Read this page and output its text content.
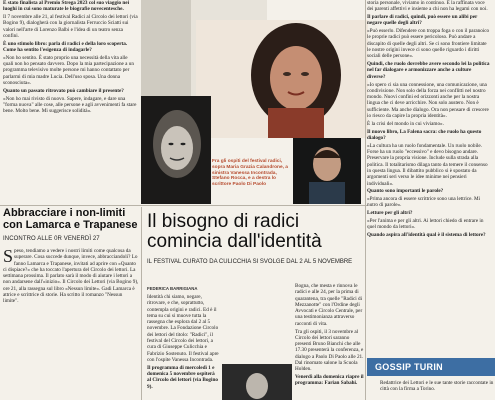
È stato finalista al Premio Strega 2023 col suo viaggio nei luoghi in cui sono maturate le biografie novecentesche.

Il 7 novembre alle 21, al festival Radici al Circolo dei lettori (via Bogino 9), dialogherà con la giornalista Ferruccio Sciatti sui valori nell'arte di Lorenzo Balbi e l'idea di un teatro senza confini.

È uno stimolo libro: parla di radici e della loro scoperta. Come ha sentito l'esigenza di indagarle?

«Non ho sentito. È stato proprio una necessità della vita alle quali non ho pensato davvero. Dopo la mia partecipazione a un programma televisivo molte persone mi hanno contattato per parlarmi di mia madre Lucia. Dell'uso sposa. Una donna sconosciuta».

Quanto un passato ritrovato può cambiare il presente?

«Non ho mai rivisto di nuovo. Sapere, indagare, e dare una "forma nuova" alle cose, alle persone e agli avvenimenti fa stare bene. Molto bene. Mi suggerisce solidità».

Fra gli ospiti del festival radici, sopra Maria Grazia Calandrone, a sinistra Vanessa Incontrada, Stefano Rocca, e a destra lo scrittore Paolo Di Paolo

storia personale, viviamo in continuo. È la raffinata voce dei parenti affettivi e insieme a chi non ha legami con noi.

Il parlare di radici, quindi, può essere un alibi per negare quelle degli altri?

«Può esserlo. Difendere con troppa foga o con il paranoico le proprie radici può essere pericoloso. Può andare a discapito di quelle degli altri. Se ci sono frontiere limitate le nostre origini invece ci sono quelle riguardo i diritti sociali delle persone».

Quindi, che ruolo dovrebbe avere secondo lei la politica nel far dialogare e armonizzare anche a culture diverse?

«Io spero ci sia una connessione, una comunicazione, una condivisione. Non solo della forza nei conflitti nel nostro mondo. Nuovi confini ed orizzonti anche per la nostra lingua che ci deve arricchire. Non solo austero. Non è sufficiente. Ma anche dialogo. Ora non pensare di crescere io riesco da capire la propria identità».

È la crisi del mondo in cui viviamo».

Il nuovo libro, La Falena sacra: che ruolo ha questo dialogo?

«La cultura ha un ruolo fondamentale. Un ruolo nobile. Forse ha un ruolo "eccessivo" e devo bisogno andare. Preservare la propria visione. Include sulla strada alla politica. Il totalitarismo dilaga tanto da temere il consenso in questa lingua. Il dibattito pubblico si è spostato da argomenti seri verso le idee minime nei pensieri individuali».

Quanto sono importanti le parole?

«Prima ancora di essere scrittrice sono una lettrice. Mi nutro di parole».

Letture per gli altri?

«Per l'anima e per gli altri. Ai lettori chiedo di entrare in quel mondo da lettori».

Quando aspira all'identità qual è il sistema di lettore?

Abbracciare i non-limiti con Lamarca e Trapanese
INCONTRO ALLE 0R VENERDÌ 27

Speso, tendiamo a vedere i nostri limiti come qualcosa da superare. Cosa succede dunque, invece, abbracciandoli? Lo fanno Lamarca e Trapanese, invitati ad aprire con «Quanto ci dispiace?» che ha toccato l'apertura del Circolo dei lettori. La settimana prossima. Il parlato sarà il modo di aiutare i lettori a non andarsene dall'«inizio». Il Circolo dei Lettori (via Bogino 9), ore 21, alla rassegna sul libro «Nessun limite». Gadi Lamarca è attrice e scrittrice di storie. Ha scritto il romanzo "Nessun limite".

Il bisogno di radici comincia dall'identità
IL FESTIVAL CURATO DA CULICCHIA SI SVOLGE DAL 2 AL 5 NOVEMBRE
FEDERICA BARRIGIANA

Identità chi siamo, negare, ritrovare, e che, soprattutto, contempla origini e radici. Ed è il tema su cui si muove tutta la rassegna che esplora dal 2 al 5 novembre. La Fondazione Circolo dei lettori del titolo: "Radici", il festival del Circolo dei lettori, a cura di Giuseppe Culicchia e Fabrizio Sostenuto. Il festival apre con l'ospite Vanessa Incontrada.

Il programma di mercoledì 1 e domenica 5 novembre ospiterà al Circolo dei lettori (via Bogino 9).

Bogna, che mesta e rinnova le radici e alle 24, per la prima di quarantena, tra quelle "Radici di Mezzanotte" con l'Ordine degli Avvocati e Circolo Centrale, per una testimonianza attraverso racconti di vita.

Tra gli ospiti, il 3 novembre al Circolo dei lettori saranno presenti Bruno Bianchi che alle 17.30 presenterà la conferenza, e dialogo a Paolo Di Paolo alle 21. Dal rinomato salone la Scuola Holden.

Venerdì alla domenica riapre il programma: Farian Sabahi.

GOSSIP TURIN

Redattrice dei Lettori e le sue tante storie raccontate in città con la firma a Torino.
